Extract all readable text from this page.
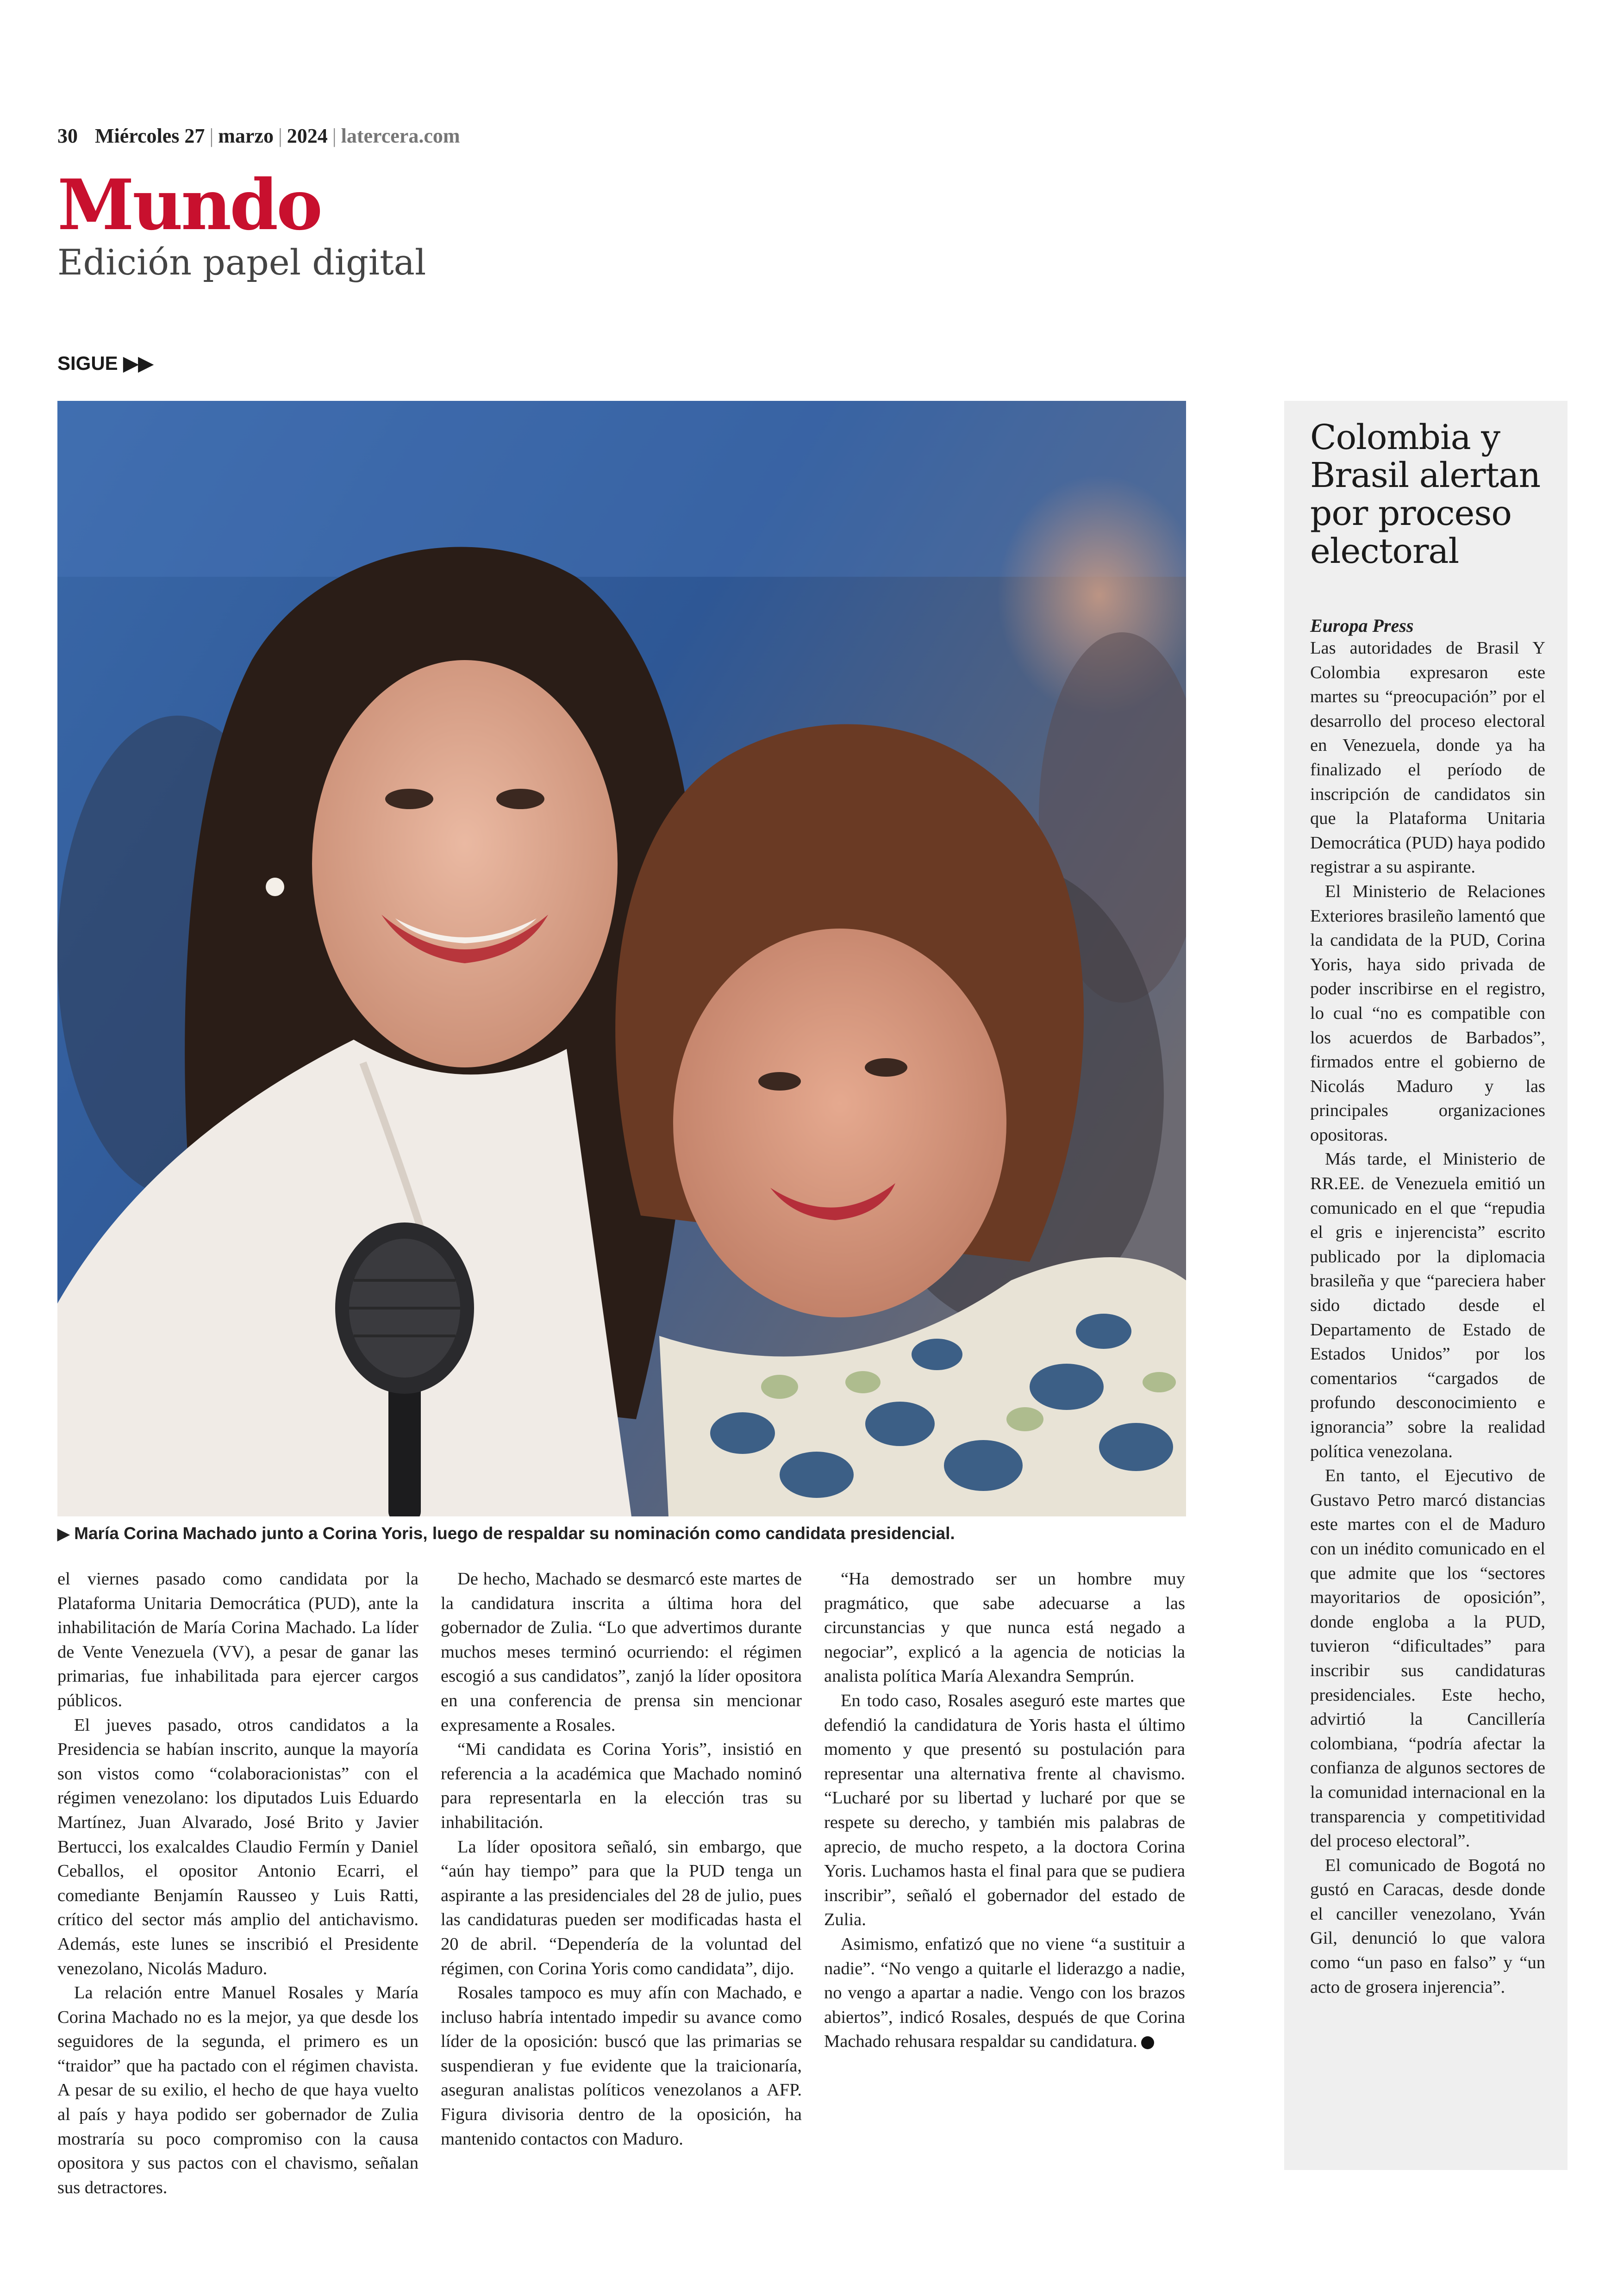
30 Miércoles 27 | marzo | 2024 | latercera.com
Mundo
Edición papel digital
SIGUE ▶▶
▶ María Corina Machado junto a Corina Yoris, luego de respaldar su nominación como candidata presidencial.

el viernes pasado como candidata por la Plataforma Unitaria Democrática (PUD), ante la inhabilitación de María Corina Machado. La líder de Vente Venezuela (VV), a pesar de ganar las primarias, fue inhabilitada para ejercer cargos públicos.

El jueves pasado, otros candidatos a la Presidencia se habían inscrito, aunque la mayoría son vistos como “colaboracionistas” con el régimen venezolano: los diputados Luis Eduardo Martínez, Juan Alvarado, José Brito y Javier Bertucci, los exalcaldes Claudio Fermín y Daniel Ceballos, el opositor Antonio Ecarri, el comediante Benjamín Rausseo y Luis Ratti, crítico del sector más amplio del antichavismo. Además, este lunes se inscribió el Presidente venezolano, Nicolás Maduro.

La relación entre Manuel Rosales y María Corina Machado no es la mejor, ya que desde los seguidores de la segunda, el primero es un “traidor” que ha pactado con el régimen chavista. A pesar de su exilio, el hecho de que haya vuelto al país y haya podido ser gobernador de Zulia mostraría su poco compromiso con la causa opositora y sus pactos con el chavismo, señalan sus detractores.

De hecho, Machado se desmarcó este martes de la candidatura inscrita a última hora del gobernador de Zulia. “Lo que advertimos durante muchos meses terminó ocurriendo: el régimen escogió a sus candidatos”, zanjó la líder opositora en una conferencia de prensa sin mencionar expresamente a Rosales.

“Mi candidata es Corina Yoris”, insistió en referencia a la académica que Machado nominó para representarla en la elección tras su inhabilitación.

La líder opositora señaló, sin embargo, que “aún hay tiempo” para que la PUD tenga un aspirante a las presidenciales del 28 de julio, pues las candidaturas pueden ser modificadas hasta el 20 de abril. “Dependería de la voluntad del régimen, con Corina Yoris como candidata”, dijo.

Rosales tampoco es muy afín con Machado, e incluso habría intentado impedir su avance como líder de la oposición: buscó que las primarias se suspendieran y fue evidente que la traicionaría, aseguran analistas políticos venezolanos a AFP. Figura divisoria dentro de la oposición, ha mantenido contactos con Maduro.

“Ha demostrado ser un hombre muy pragmático, que sabe adecuarse a las circunstancias y que nunca está negado a negociar”, explicó a la agencia de noticias la analista política María Alexandra Semprún.

En todo caso, Rosales aseguró este martes que defendió la candidatura de Yoris hasta el último momento y que presentó su postulación para representar una alternativa frente al chavismo. “Lucharé por su libertad y lucharé por que se respete su derecho, y también mis palabras de aprecio, de mucho respeto, a la doctora Corina Yoris. Luchamos hasta el final para que se pudiera inscribir”, señaló el gobernador del estado de Zulia.

Asimismo, enfatizó que no viene “a sustituir a nadie”. “No vengo a quitarle el liderazgo a nadie, no vengo a apartar a nadie. Vengo con los brazos abiertos”, indicó Rosales, después de que Corina Machado rehusara respaldar su candidatura.

Colombia y Brasil alertan por proceso electoral
Europa Press

Las autoridades de Brasil Y Colombia expresaron este martes su “preocupación” por el desarrollo del proceso electoral en Venezuela, donde ya ha finalizado el período de inscripción de candidatos sin que la Plataforma Unitaria Democrática (PUD) haya podido registrar a su aspirante.

El Ministerio de Relaciones Exteriores brasileño lamentó que la candidata de la PUD, Corina Yoris, haya sido privada de poder inscribirse en el registro, lo cual “no es compatible con los acuerdos de Barbados”, firmados entre el gobierno de Nicolás Maduro y las principales organizaciones opositoras.

Más tarde, el Ministerio de RR.EE. de Venezuela emitió un comunicado en el que “repudia el gris e injerencista” escrito publicado por la diplomacia brasileña y que “pareciera haber sido dictado desde el Departamento de Estado de Estados Unidos” por los comentarios “cargados de profundo desconocimiento e ignorancia” sobre la realidad política venezolana.

En tanto, el Ejecutivo de Gustavo Petro marcó distancias este martes con el de Maduro con un inédito comunicado en el que admite que los “sectores mayoritarios de oposición”, donde engloba a la PUD, tuvieron “dificultades” para inscribir sus candidaturas presidenciales. Este hecho, advirtió la Cancillería colombiana, “podría afectar la confianza de algunos sectores de la comunidad internacional en la transparencia y competitividad del proceso electoral”.

El comunicado de Bogotá no gustó en Caracas, desde donde el canciller venezolano, Yván Gil, denunció lo que valora como “un paso en falso” y “un acto de grosera injerencia”.
